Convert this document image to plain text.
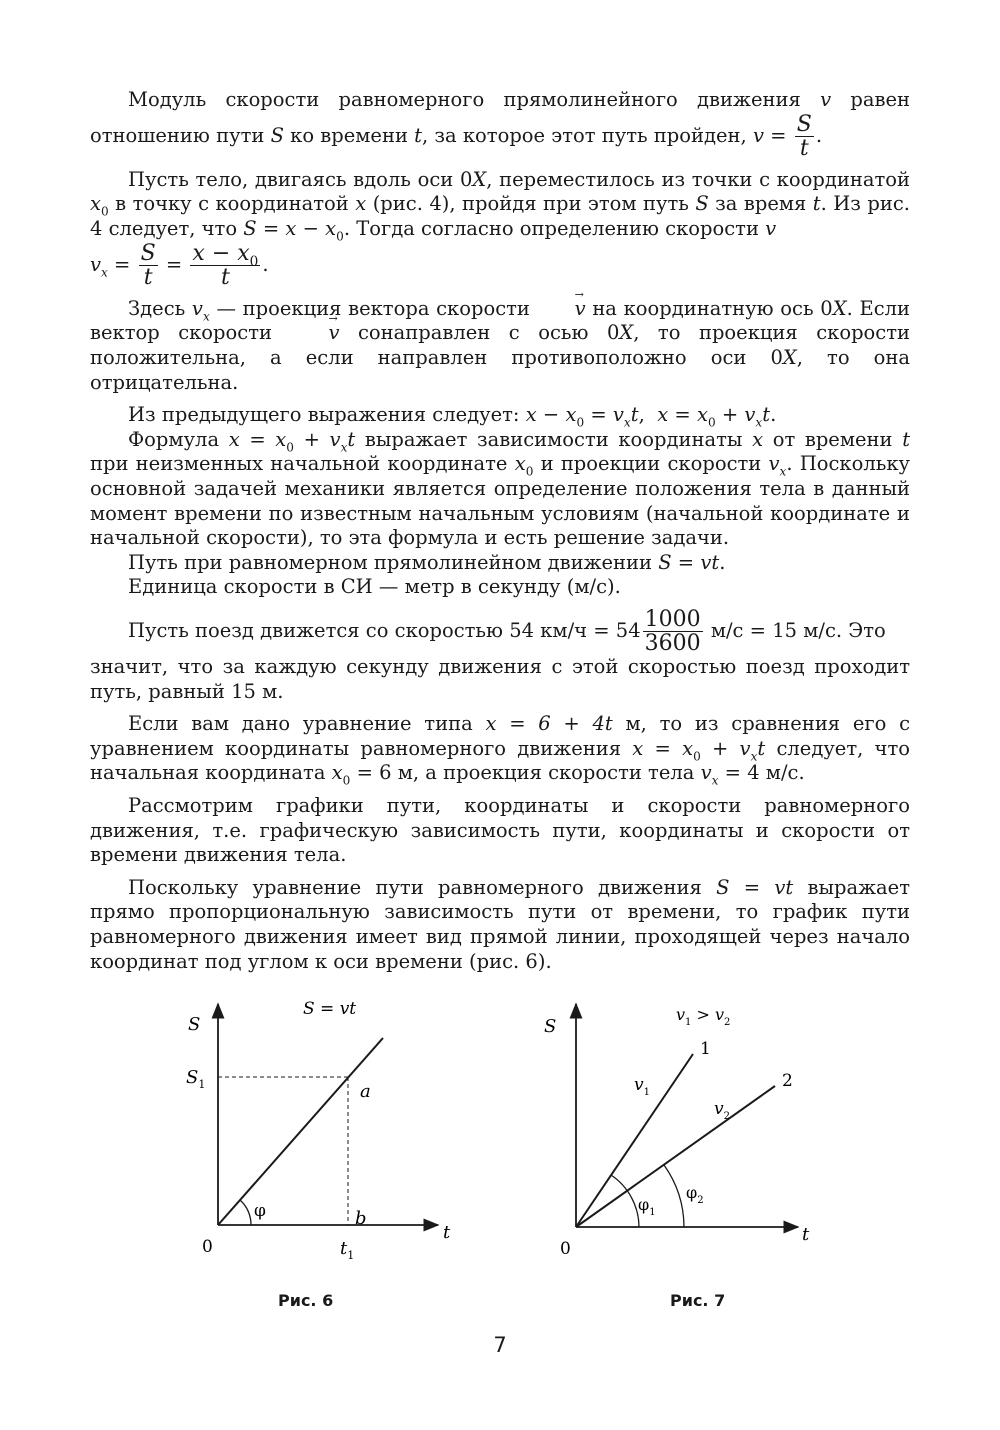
Модуль скорости равномерного прямолинейного движения v равен отношению пути S ко времени t, за которое этот путь пройден, $v = \frac{S}{t}$ .

Пусть тело, двигаясь вдоль оси 0X, переместилось из точки с координатой $x_0$ в точку с координатой x (рис. 4), пройдя при этом путь S за время t. Из рис. 4 следует, что $S = x - x_0$. Тогда согласно определению скорости v

$v_x = \frac{S}{t} = \frac{x - x_0}{t}$ .

Здесь $v_x$ — проекция вектора скорости → v на координатную ось 0X. Если вектор скорости	→ v сонаправлен с осью 0X, то проекция скорости положительна, а если направлен противоположно оси 0X, то она отрицательна.

Из предыдущего выражения следует: $x - x_0 = v_xt$,  $x = x_0 + v_xt$.

Формула $x = x_0 + v_xt$ выражает зависимости координаты x от времени t при неизменных начальной координате $x_0$ и проекции скорости $v_x$. Поскольку основной задачей механики является определение положения тела в данный момент времени по известным начальным условиям (начальной координате и начальной скорости), то эта формула и есть решение задачи.

Путь при равномерном прямолинейном движении S = vt.

Единица скорости в СИ — метр в секунду (м/с).

Пусть поезд движется со скоростью 54 $км/ч = 54 \frac{1000}{3600} м/с = 15$ м/с. Это

значит, что за каждую секунду движения с этой скоростью поезд проходит путь, равный 15 м.

Если вам дано уравнение типа x = 6 + 4t м, то из сравнения его с уравнением координаты равномерного движения $x = x_0 + v_xt$ следует, что начальная координата $x_0 = 6$ м, а проекция скорости тела $v_x = 4$ м/с.

Рассмотрим графики пути, координаты и скорости равномерного движения, т.е. графическую зависимость пути, координаты и скорости от времени движения тела.

Поскольку уравнение пути равномерного движения S = vt выражает прямо пропорциональную зависимость пути от времени, то график пути равномерного движения имеет вид прямой линии, проходящей через начало координат под углом к оси времени (рис. 6).

S = vt
S
t
0
$S_1$
$t_1$
a
b
φ
Рис. 6
$v_1 > v_2$
S
t
0
1
2
$v_1$
$v_2$
$\varphi_1$
$\varphi_2$
Рис. 7
7
